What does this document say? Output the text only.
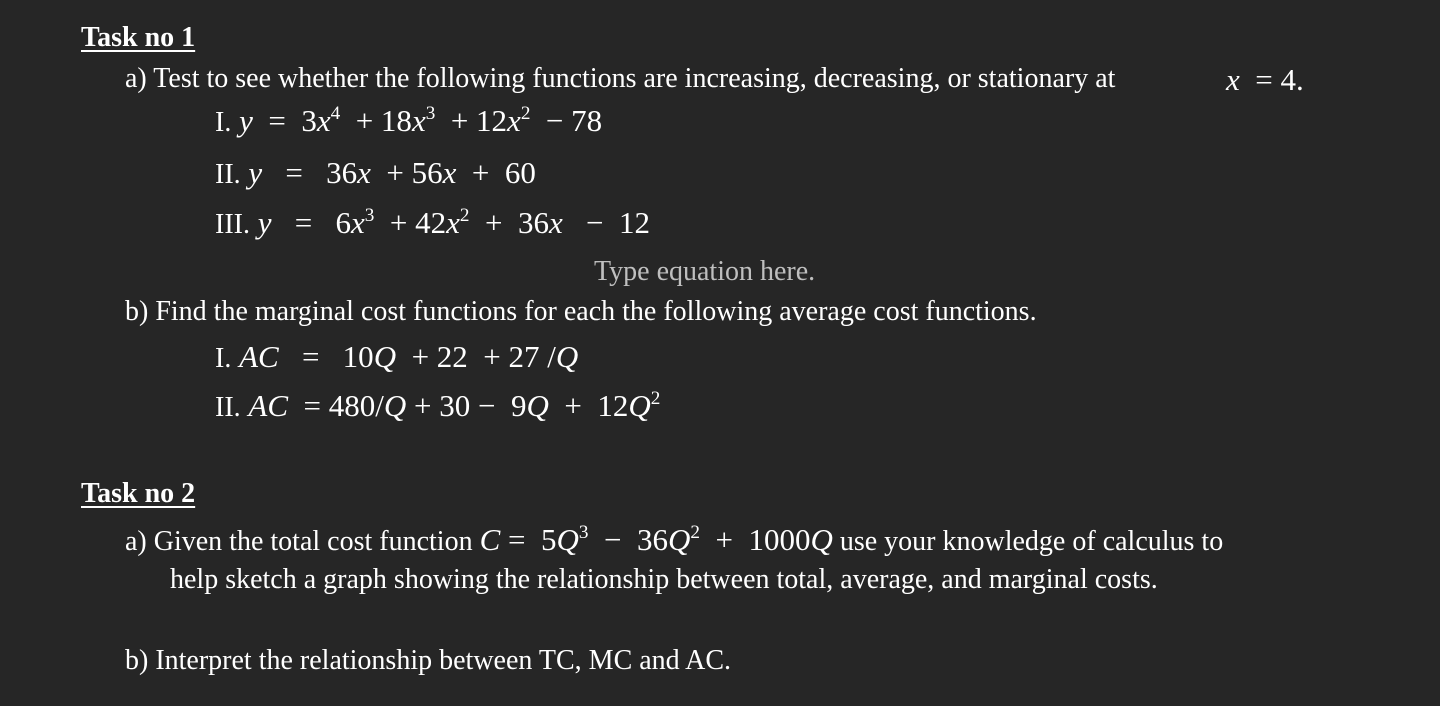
Task no 1
a) Test to see whether the following functions are increasing, decreasing, or stationary at	x  = 4.
I. $y = 3x^4 + 18x^3 + 12x^2 - 78$
II. y   =   36x  + 56x  +  60
III. $y = 6x^3 + 42x^2 + 36x - 12$
Type equation here.
b) Find the marginal cost functions for each the following average cost functions.
I. AC   =   10Q  + 22  + 27 /Q
II. AC  = $480/Q + 30 - 9Q + 12Q^2$
Task no 2
a) Given the total cost function $C = 5Q^3 - 36Q^2 + 1000Q$ use your knowledge of calculus to
help sketch a graph showing the relationship between total, average, and marginal costs.
b) Interpret the relationship between TC, MC and AC.
